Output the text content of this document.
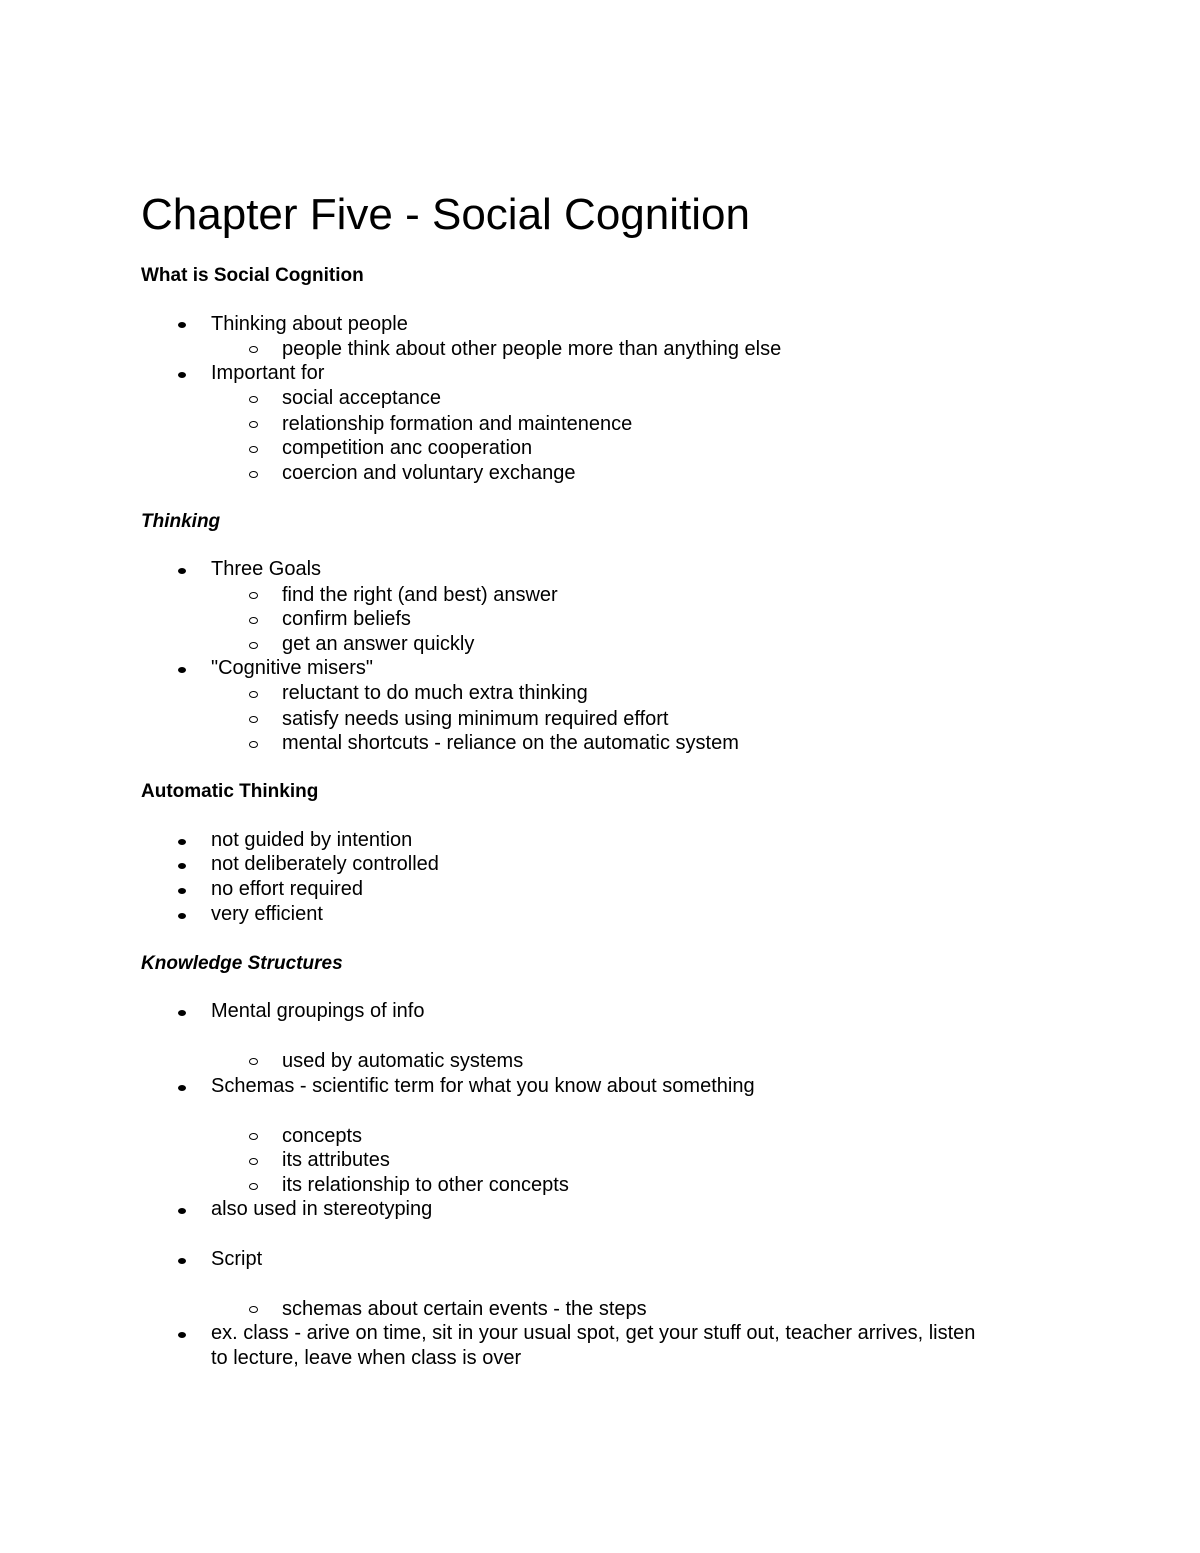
Chapter Five - Social Cognition
What is Social Cognition

Thinking about people

people think about other people more than anything else

Important for

social acceptance

relationship formation and maintenence

competition anc cooperation

coercion and voluntary exchange

Thinking

Three Goals

find the right (and best) answer

confirm beliefs

get an answer quickly

"Cognitive misers"

reluctant to do much extra thinking

satisfy needs using minimum required effort

mental shortcuts - reliance on the automatic system

Automatic Thinking

not guided by intention

not deliberately controlled

no effort required

very efficient

Knowledge Structures

Mental groupings of info

used by automatic systems

Schemas - scientific term for what you know about something

concepts

its attributes

its relationship to other concepts

also used in stereotyping

Script

schemas about certain events - the steps

ex. class - arive on time, sit in your usual spot, get your stuff out, teacher arrives, listen

to lecture, leave when class is over
